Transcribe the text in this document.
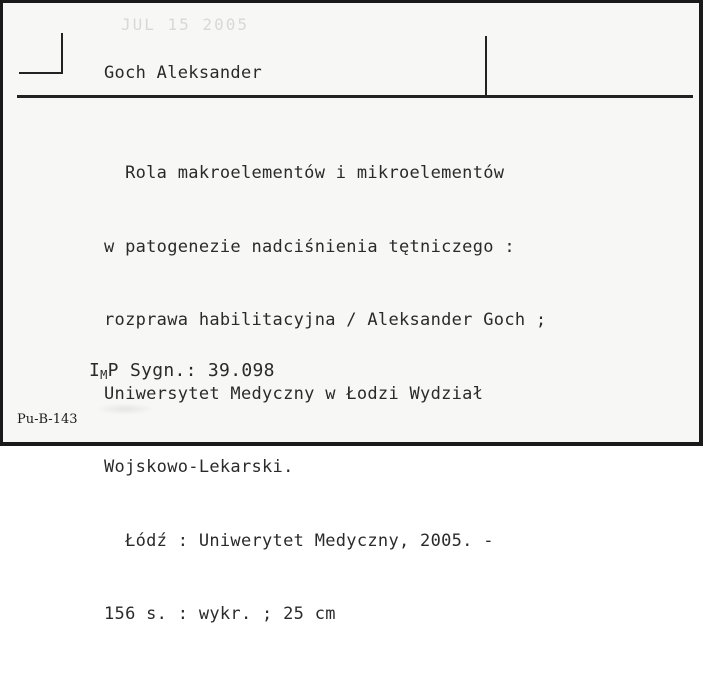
JUL 15 2005
Goch Aleksander

Rola makroelementów i mikroelementów

w patogenezie nadciśnienia tętniczego :

rozprawa habilitacyjna / Aleksander Goch ;

Uniwersytet Medyczny w Łodzi Wydział

Wojskowo-Lekarski.

Łódź : Uniwerytet Medyczny, 2005. -

156 s. : wykr. ; 25 cm

IMP Sygn.: 39.098
Pu-B-143
